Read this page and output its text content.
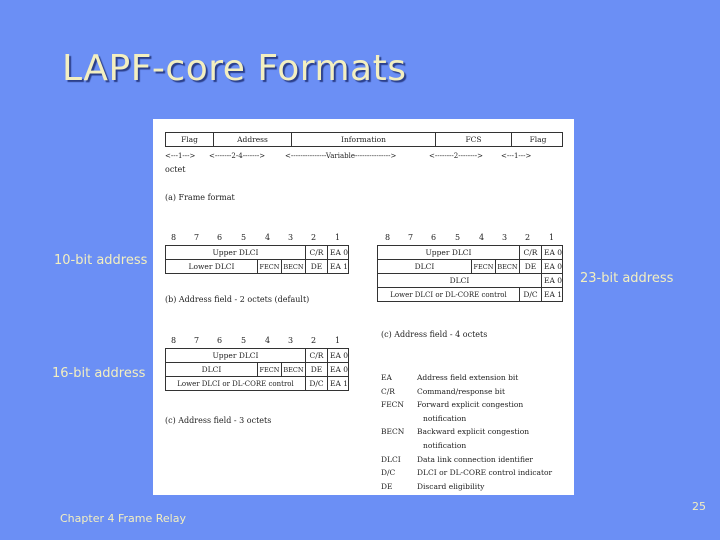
LAPF-core Formats
10-bit address
16-bit address
23-bit address
Flag	Address	Information	FCS	Flag
<---1---> <-------2-4------->	<---------------Variable--------------->	<--------2-------->	<---1--->
octet
(a) Frame format
8 7 6 5 4 3 2 1	8 7 6 5 4 3 2 1
Upper DLCI	C/R EA 0
Lower DLCI	FECN BECN DE	EA 1
(b) Address field - 2 octets (default)
Upper DLCI	C/R EA 0
DLCI	FECN BECN DE	EA 0
DLCI	EA 0
Lower DLCI or DL-CORE control	D/C EA 1
(c) Address field - 4 octets
8 7 6 5 4 3 2 1
Upper DLCI	C/R EA 0
DLCI	FECN BECN DE	EA 0
Lower DLCI or DL-CORE control	D/C EA 1
(c) Address field - 3 octets
EA	Address field extension bit
C/R	Command/response bit
FECN Forward explicit congestion
notification
BECN Backward explicit congestion
notification
DLCI Data link connection identifier
D/C	DLCI or DL-CORE control indicator
DE	Discard eligibility
Chapter 4 Frame Relay
25
